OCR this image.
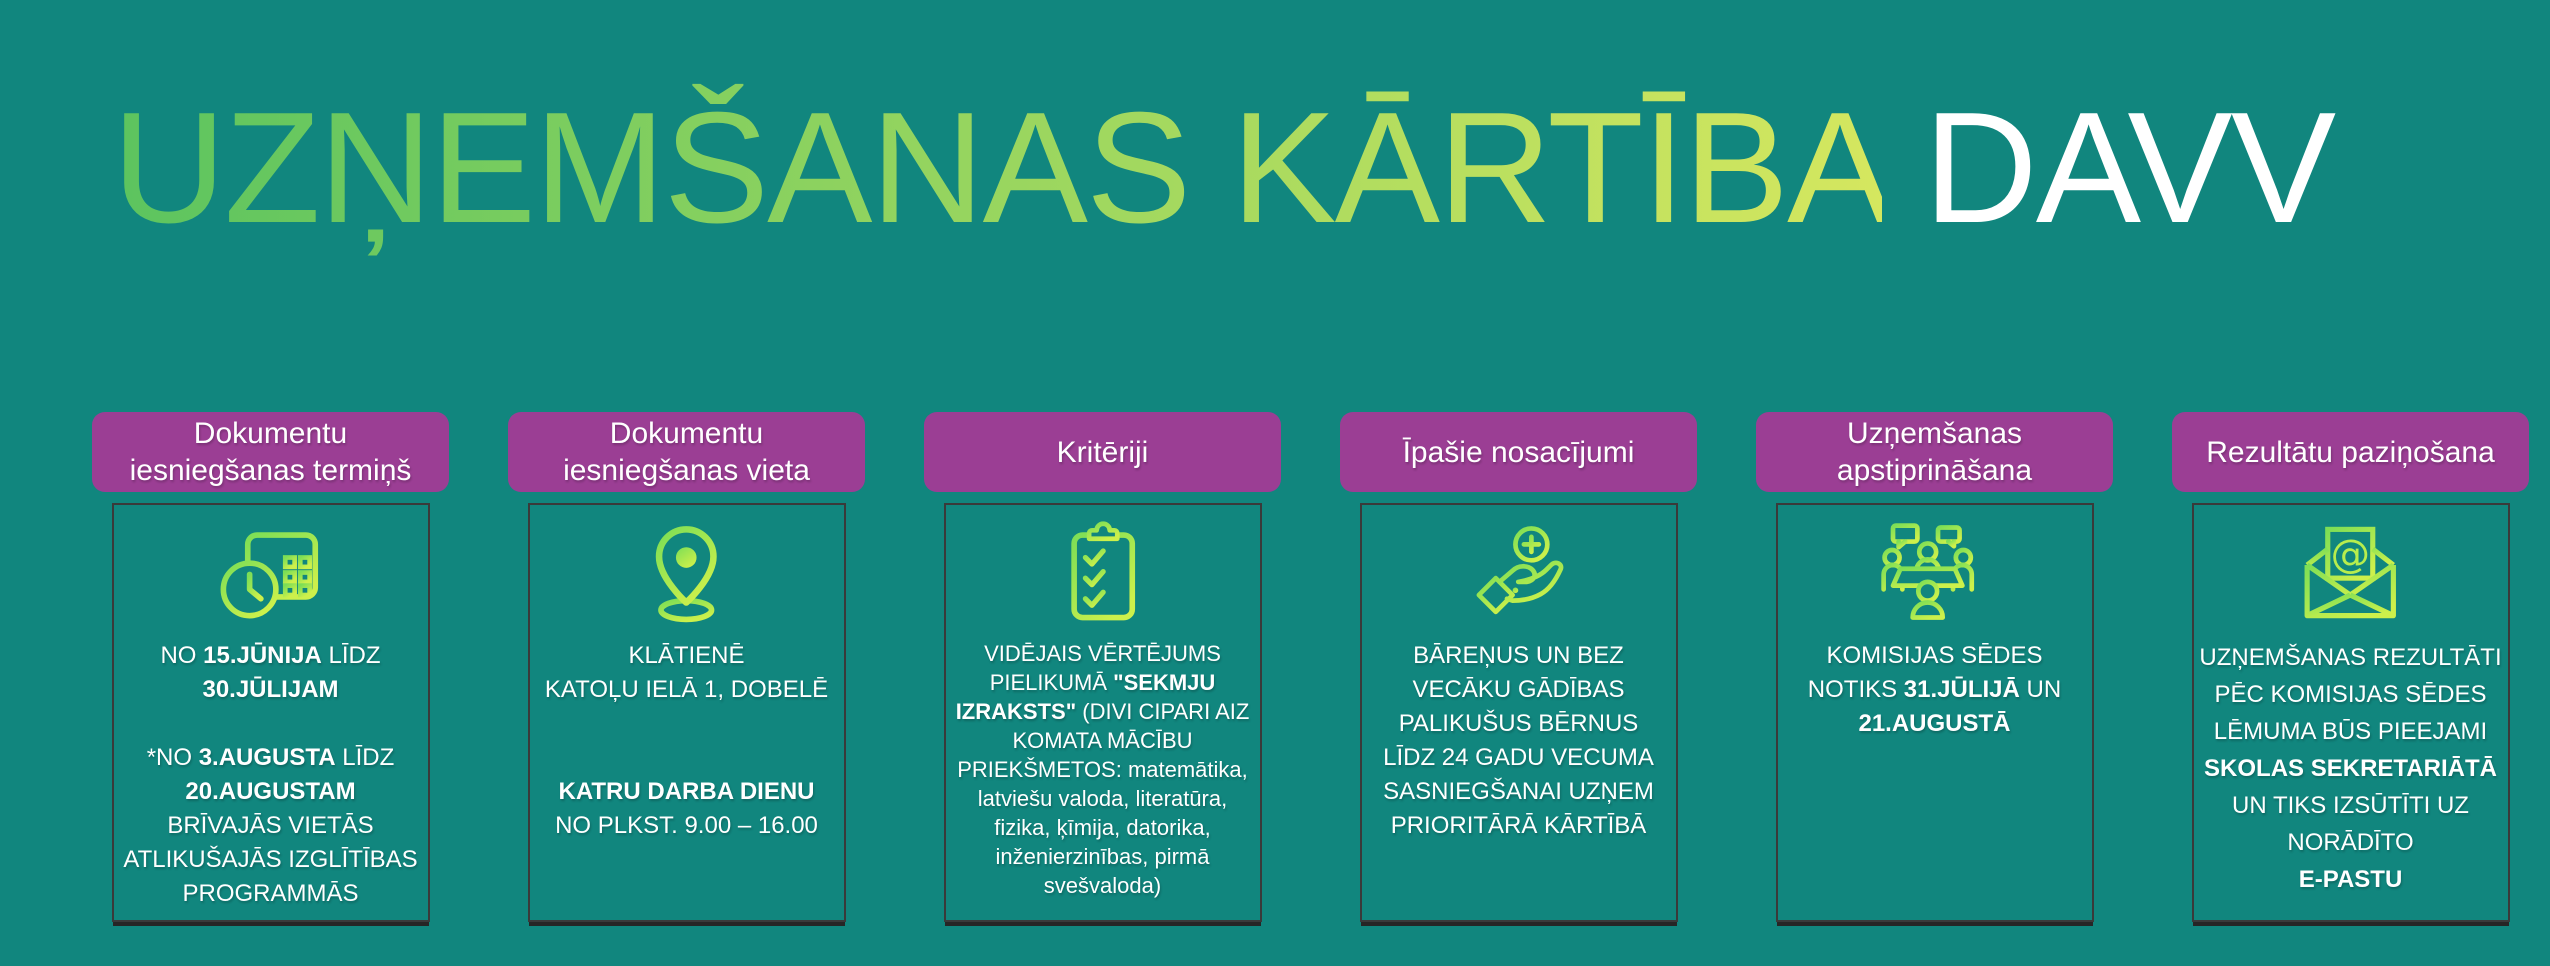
UZŅEMŠANAS KĀRTĪBA DAVV
Dokumentu
iesniegšanas termiņš
NO 15.JŪNIJA LĪDZ
30.JŪLIJAM

*NO 3.AUGUSTA LĪDZ
20.AUGUSTAM
BRĪVAJĀS VIETĀS
ATLIKUŠAJĀS IZGLĪTĪBAS
PROGRAMMĀS
Dokumentu
iesniegšanas vieta
KLĀTIENĒ
KATOĻU IELĀ 1, DOBELĒ

KATRU DARBA DIENU
NO PLKST. 9.00 – 16.00
Kritēriji
VIDĒJAIS VĒRTĒJUMS
PIELIKUMĀ "SEKMJU
IZRAKSTS" (DIVI CIPARI AIZ
KOMATA MĀCĪBU
PRIEKŠMETOS: matemātika,
latviešu valoda, literatūra,
fizika, ķīmija, datorika,
inženierzinības, pirmā
svešvaloda)
Īpašie nosacījumi
BĀREŅUS UN BEZ
VECĀKU GĀDĪBAS
PALIKUŠUS BĒRNUS
LĪDZ 24 GADU VECUMA
SASNIEGŠANAI UZŅEM
PRIORITĀRĀ KĀRTĪBĀ
Uzņemšanas
apstiprināšana
KOMISIJAS SĒDES
NOTIKS 31.JŪLIJĀ UN
21.AUGUSTĀ
Rezultātu paziņošana
@
UZŅEMŠANAS REZULTĀTI
PĒC KOMISIJAS SĒDES
LĒMUMA BŪS PIEEJAMI
SKOLAS SEKRETARIĀTĀ
UN TIKS IZSŪTĪTI UZ
NORĀDĪTO
E-PASTU
